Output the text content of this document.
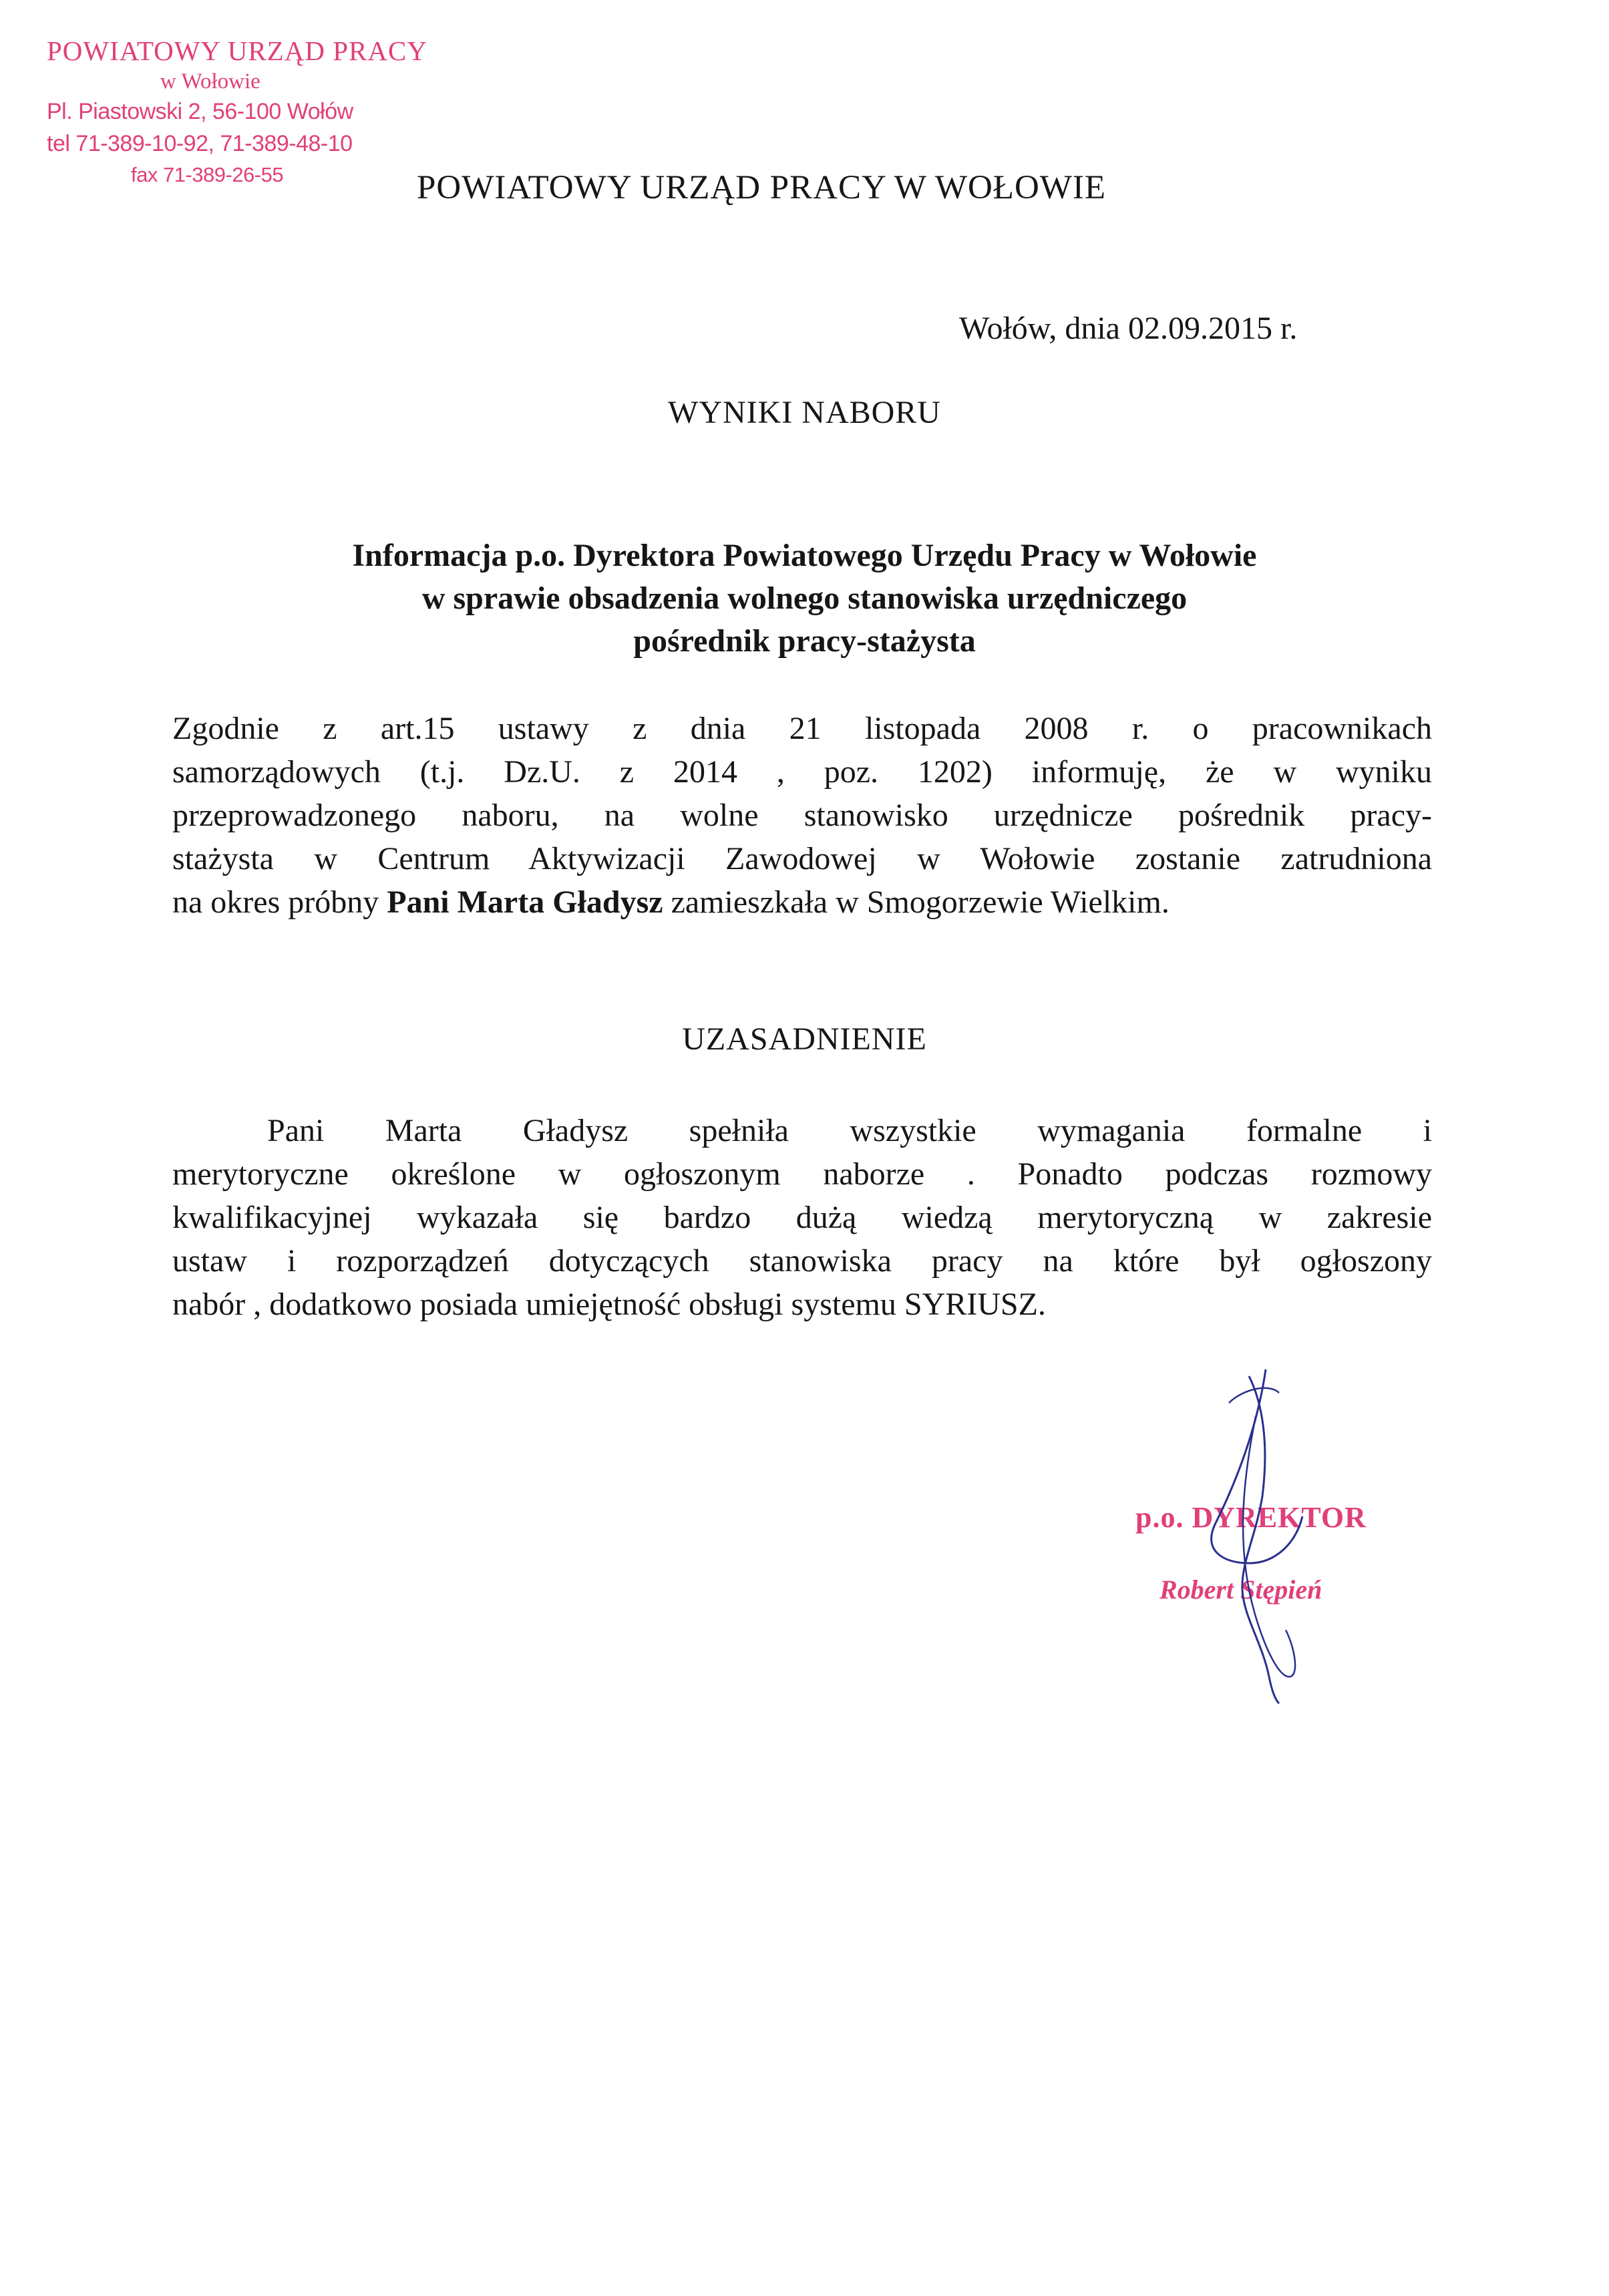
POWIATOWY URZĄD PRACY
w Wołowie
Pl. Piastowski 2, 56-100 Wołów
tel 71-389-10-92, 71-389-48-10
fax 71-389-26-55	POWIATOWY URZĄD PRACY W WOŁOWIE
Wołów, dnia 02.09.2015 r.
WYNIKI NABORU
Informacja p.o. Dyrektora Powiatowego Urzędu Pracy w Wołowie
w sprawie obsadzenia wolnego stanowiska urzędniczego
pośrednik pracy-stażysta
Zgodnie z art.15 ustawy z dnia 21 listopada 2008 r. o pracownikach
samorządowych (t.j. Dz.U. z 2014 , poz. 1202) informuję, że w wyniku
przeprowadzonego naboru, na wolne stanowisko urzędnicze pośrednik pracy-
stażysta w Centrum Aktywizacji Zawodowej w Wołowie zostanie zatrudniona
na okres próbny Pani Marta Gładysz zamieszkała w Smogorzewie Wielkim.
UZASADNIENIE
Pani Marta Gładysz spełniła wszystkie wymagania formalne i
merytoryczne określone w ogłoszonym naborze . Ponadto podczas rozmowy
kwalifikacyjnej wykazała się bardzo dużą wiedzą merytoryczną w zakresie
ustaw i rozporządzeń dotyczących stanowiska pracy na które był ogłoszony
nabór , dodatkowo posiada umiejętność obsługi systemu SYRIUSZ.
p.o. DYREKTOR
Robert Stępień
